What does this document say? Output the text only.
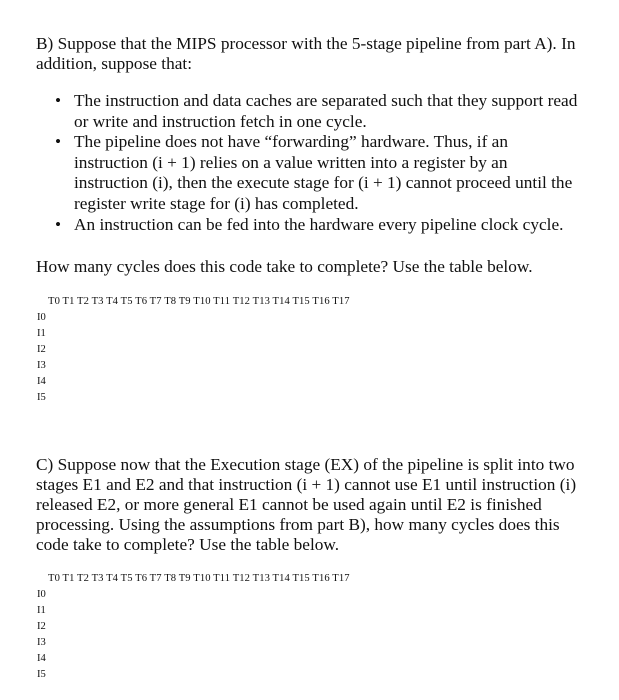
B) Suppose that the MIPS processor with the 5-stage pipeline from part A). In
addition, suppose that:

• The instruction and data caches are separated such that they support read or write and instruction fetch in one cycle.
• The pipeline does not have “forwarding” hardware. Thus, if an instruction (i + 1) relies on a value written into a register by an instruction (i), then the execute stage for (i + 1) cannot proceed until the register write stage for (i) has completed.
• An instruction can be fed into the hardware every pipeline clock cycle.

How many cycles does this code take to complete? Use the table below.

T0 T1 T2 T3 T4 T5 T6 T7 T8 T9 T10 T11 T12 T13 T14 T15 T16 T17
I0
I1
I2
I3
I4
I5

C) Suppose now that the Execution stage (EX) of the pipeline is split into two stages E1 and E2 and that instruction (i + 1) cannot use E1 until instruction (i) released E2, or more general E1 cannot be used again until E2 is finished processing. Using the assumptions from part B), how many cycles does this code take to complete? Use the table below.

T0 T1 T2 T3 T4 T5 T6 T7 T8 T9 T10 T11 T12 T13 T14 T15 T16 T17
I0
I1
I2
I3
I4
I5
